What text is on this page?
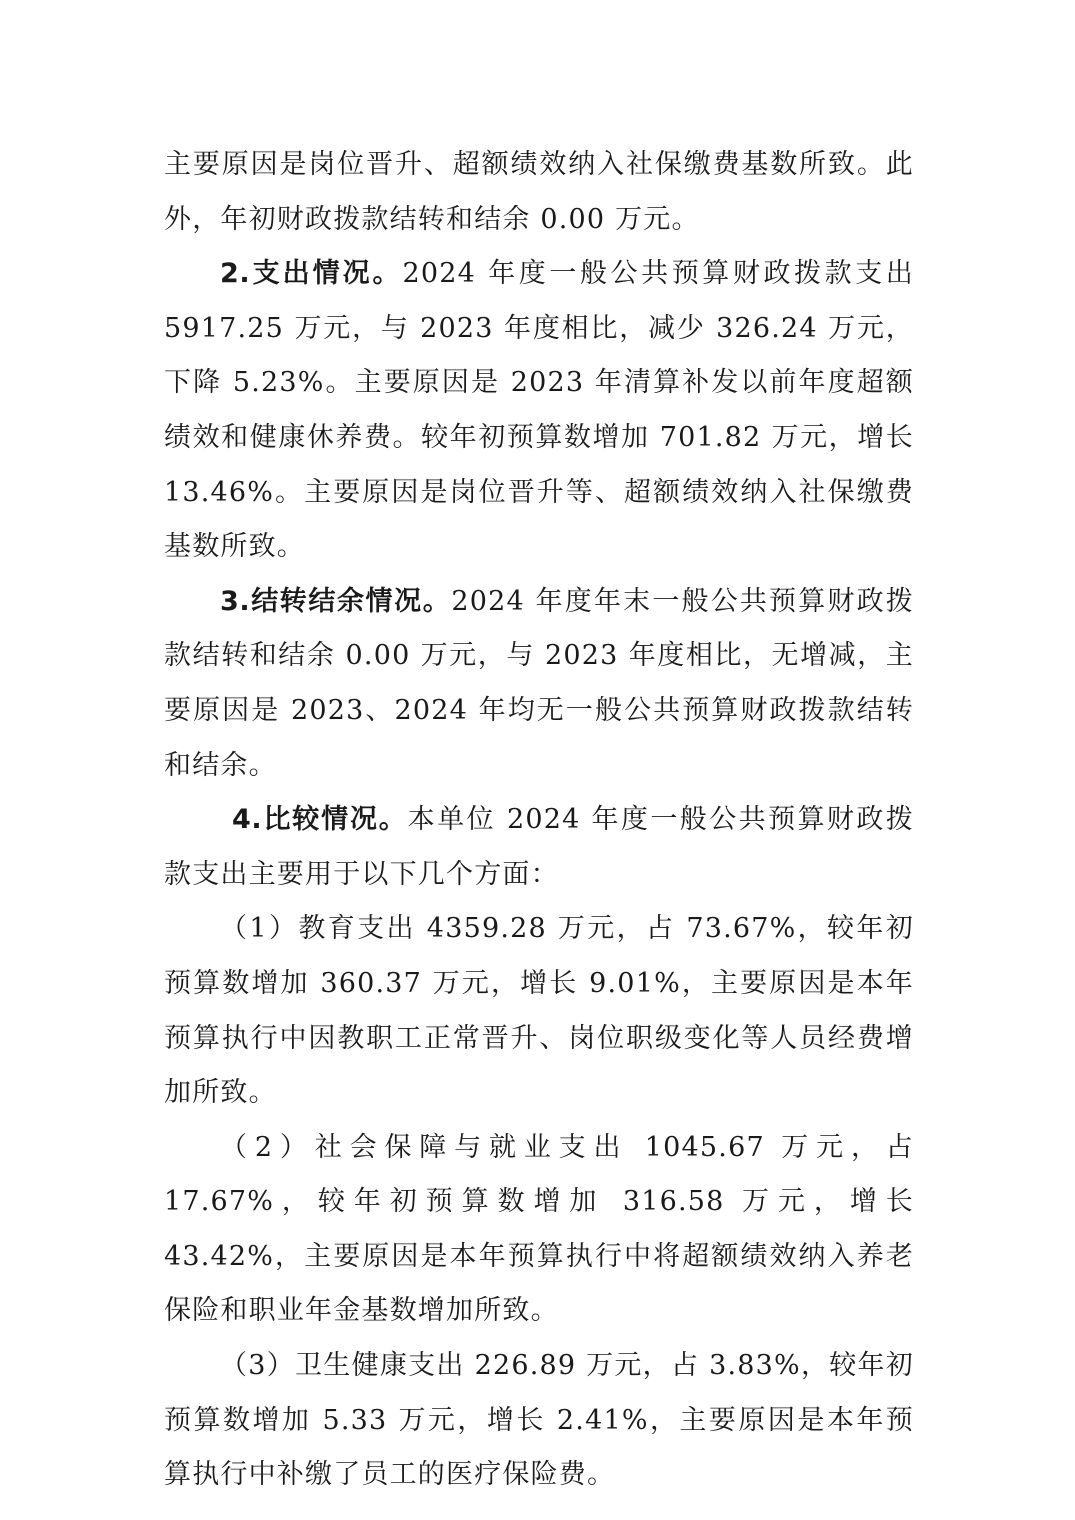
主要原因是岗位晋升、超额绩效纳入社保缴费基数所致。此外，年初财政拨款结转和结余 0.00 万元。

2.支出情况。2024 年度一般公共预算财政拨款支出 5917.25 万元，与 2023 年度相比，减少 326.24 万元，下降 5.23%。主要原因是 2023 年清算补发以前年度超额绩效和健康休养费。较年初预算数增加 701.82 万元，增长 13.46%。主要原因是岗位晋升等、超额绩效纳入社保缴费基数所致。

3.结转结余情况。2024 年度年末一般公共预算财政拨款结转和结余 0.00 万元，与 2023 年度相比，无增减，主要原因是 2023、2024 年均无一般公共预算财政拨款结转和结余。

4.比较情况。本单位 2024 年度一般公共预算财政拨款支出主要用于以下几个方面：

（1）教育支出 4359.28 万元，占 73.67%，较年初预算数增加 360.37 万元，增长 9.01%，主要原因是本年预算执行中因教职工正常晋升、岗位职级变化等人员经费增加所致。

（2）社会保障与就业支出 1045.67 万元，占 17.67%，较年初预算数增加 316.58 万元，增长 43.42%，主要原因是本年预算执行中将超额绩效纳入养老保险和职业年金基数增加所致。

（3）卫生健康支出 226.89 万元，占 3.83%，较年初预算数增加 5.33 万元，增长 2.41%，主要原因是本年预算执行中补缴了员工的医疗保险费。
